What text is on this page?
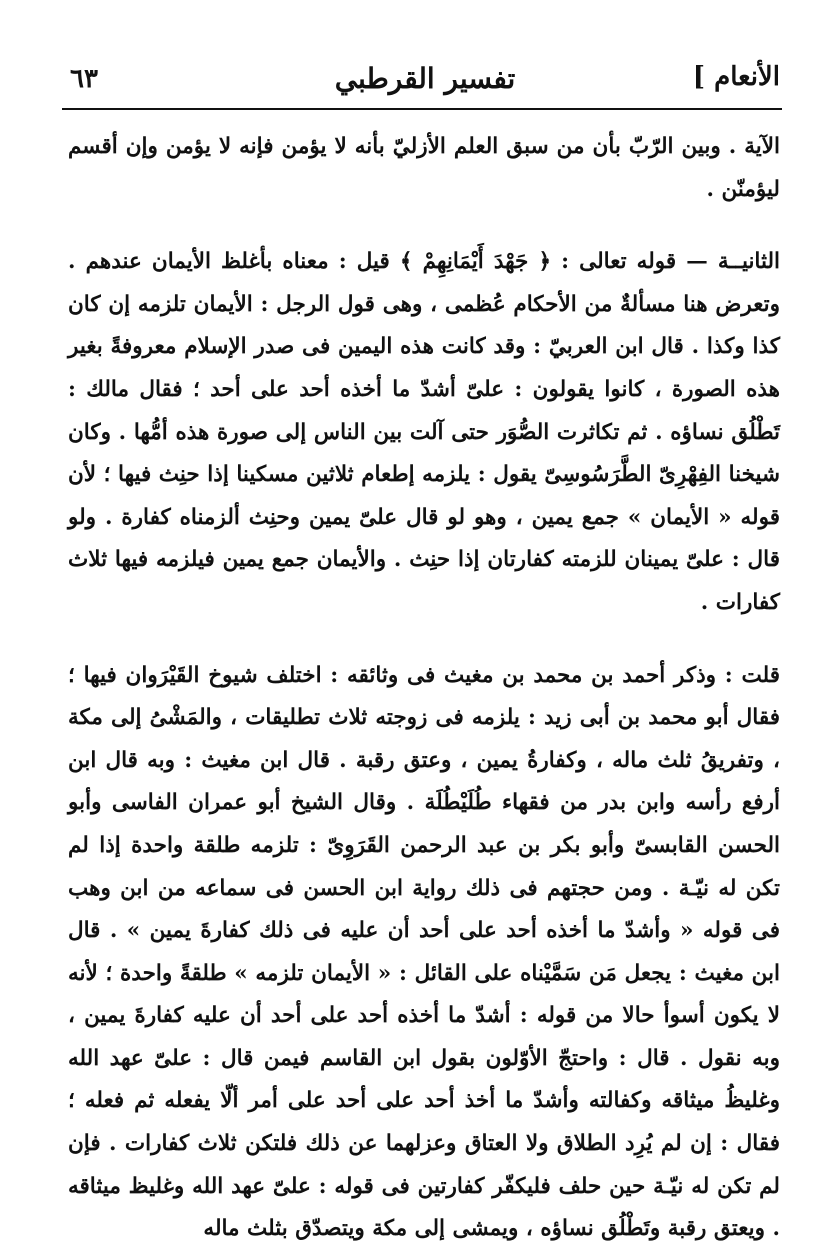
الأنعام ]
تفسير القرطبي
٦٣

الآية . وبين الرّبّ بأن من سبق العلم الأزليّ بأنه لا يؤمن فإنه لا يؤمن وإن أقسم ليؤمنّن .

الثانيــة — قوله تعالى : ﴿ جَهْدَ أَيْمَانِهِمْ ﴾ قيل : معناه بأغلظ الأيمان عندهم . وتعرض هنا مسألةٌ من الأحكام عُظمى ، وهى قول الرجل : الأيمان تلزمه إن كان كذا وكذا . قال ابن العربيّ : وقد كانت هذه اليمين فى صدر الإسلام معروفةً بغير هذه الصورة ، كانوا يقولون : علىّ أشدّ ما أخذه أحد على أحد ؛ فقال مالك : تَطْلُق نساؤه . ثم تكاثرت الصُّوَر حتى آلت بين الناس إلى صورة هذه أمُّها . وكان شيخنا الفِهْرِىّ الطَّرَسُوسِىّ يقول : يلزمه إطعام ثلاثين مسكينا إذا حنِث فيها ؛ لأن قوله « الأيمان » جمع يمين ، وهو لو قال علىّ يمين وحنِث ألزمناه كفارة . ولو قال : علىّ يمينان للزمته كفارتان إذا حنِث . والأيمان جمع يمين فيلزمه فيها ثلاث كفارات .

قلت : وذكر أحمد بن محمد بن مغيث فى وثائقه : اختلف شيوخ القَيْرَوان فيها ؛ فقال أبو محمد بن أبى زيد : يلزمه فى زوجته ثلاث تطليقات ، والمَشْىُ إلى مكة ، وتفريقُ ثلث ماله ، وكفارةُ يمين ، وعتق رقبة . قال ابن مغيث : وبه قال ابن أرفع رأسه وابن بدر من فقهاء طُلَيْطُلَة . وقال الشيخ أبو عمران الفاسى وأبو الحسن القابسىّ وأبو بكر بن عبد الرحمن القَرَوِىّ : تلزمه طلقة واحدة إذا لم تكن له نيّـة . ومن حجتهم فى ذلك رواية ابن الحسن فى سماعه من ابن وهب فى قوله « وأشدّ ما أخذه أحد على أحد أن عليه فى ذلك كفارةَ يمين » . قال ابن مغيث : يجعل مَن سَمَّيْناه على القائل : « الأيمان تلزمه » طلقةً واحدة ؛ لأنه لا يكون أسوأ حالا من قوله : أشدّ ما أخذه أحد على أحد أن عليه كفارةَ يمين ، وبه نقول . قال : واحتجّ الأوّلون بقول ابن القاسم فيمن قال : علىّ عهد الله وغليظُ ميثاقه وكفالته وأشدّ ما أخذ أحد على أحد على أمر ألّا يفعله ثم فعله ؛ فقال : إن لم يُرِد الطلاق ولا العتاق وعزلهما عن ذلك فلتكن ثلاث كفارات . فإن لم تكن له نيّـة حين حلف فليكفّر كفارتين فى قوله : علىّ عهد الله وغليظ ميثاقه . ويعتق رقبة وتَطْلُق نساؤه ، ويمشى إلى مكة ويتصدّق بثلث ماله
